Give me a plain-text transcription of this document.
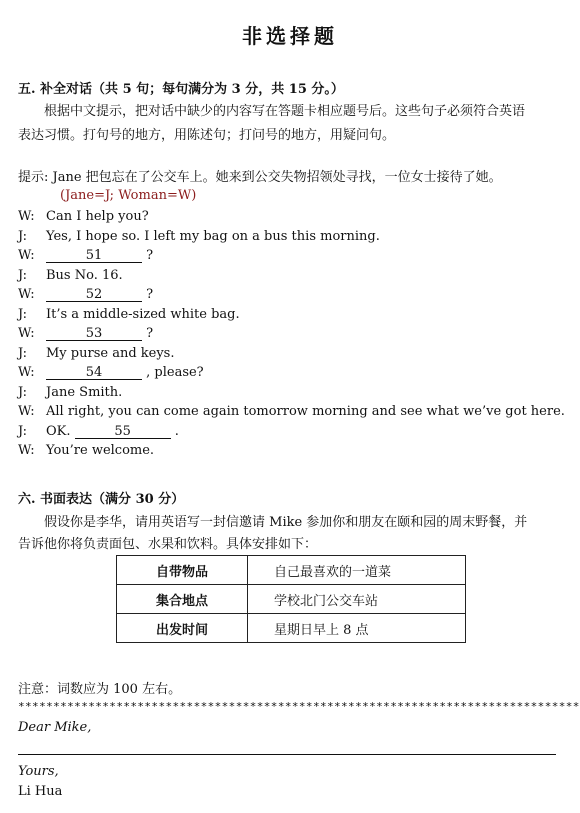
非选择题
五. 补全对话（共 5 句；每句满分为 3 分，共 15 分。）
根据中文提示，把对话中缺少的内容写在答题卡相应题号后。这些句子必须符合英语
表达习惯。打句号的地方，用陈述句；打问号的地方，用疑问句。
提示: Jane 把包忘在了公交车上。她来到公交失物招领处寻找，一位女士接待了她。
(Jane=J; Woman=W)
W: Can I help you?
J: Yes, I hope so. I left my bag on a bus this morning.
W:	51	?
J: Bus No. 16.
W:	52	?
J: It’s a middle-sized white bag.
W:	53	?
J: My purse and keys.
W:	54	, please?
J: Jane Smith.
W: All right, you can come again tomorrow morning and see what we’ve got here.
J: OK.	55	.
W: You’re welcome.
六. 书面表达（满分 30 分）
假设你是李华，请用英语写一封信邀请 Mike 参加你和朋友在颐和园的周末野餐，并
告诉他你将负责面包、水果和饮料。具体安排如下：
自带物品	自己最喜欢的一道菜
集合地点	学校北门公交车站
出发时间	星期日早上 8 点
注意：词数应为 100 左右。
********************************************************************************
Dear Mike,
Yours,
Li Hua
